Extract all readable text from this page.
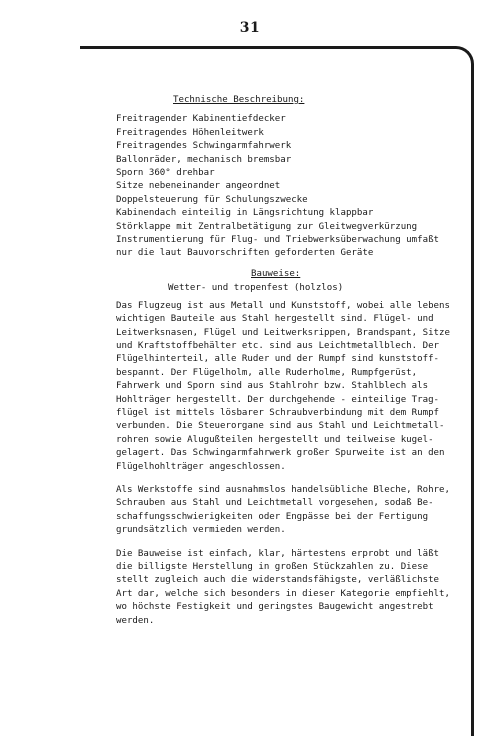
31
Technische Beschreibung:
Freitragender Kabinentiefdecker
Freitragendes Höhenleitwerk
Freitragendes Schwingarmfahrwerk
Ballonräder, mechanisch bremsbar
Sporn 360° drehbar
Sitze nebeneinander angeordnet
Doppelsteuerung für Schulungszwecke
Kabinendach einteilig in Längsrichtung klappbar
Störklappe mit Zentralbetätigung zur Gleitwegverkürzung
Instrumentierung für Flug- und Triebwerksüberwachung umfaßt
nur die laut Bauvorschriften geforderten Geräte
Bauweise:
Wetter- und tropenfest (holzlos)

Das Flugzeug ist aus Metall und Kunststoff, wobei alle lebens
wichtigen Bauteile aus Stahl hergestellt sind. Flügel- und
Leitwerksnasen, Flügel und Leitwerksrippen, Brandspant, Sitze
und Kraftstoffbehälter etc. sind aus Leichtmetallblech. Der
Flügelhinterteil, alle Ruder und der Rumpf sind kunststoff-
bespannt. Der Flügelholm, alle Ruderholme, Rumpfgerüst,
Fahrwerk und Sporn sind aus Stahlrohr bzw. Stahlblech als
Hohlträger hergestellt. Der durchgehende - einteilige Trag-
flügel ist mittels lösbarer Schraubverbindung mit dem Rumpf
verbunden. Die Steuerorgane sind aus Stahl und Leichtmetall-
rohren sowie Alugußteilen hergestellt und teilweise kugel-
gelagert. Das Schwingarmfahrwerk großer Spurweite ist an den
Flügelhohlträger angeschlossen.

Als Werkstoffe sind ausnahmslos handelsübliche Bleche, Rohre,
Schrauben aus Stahl und Leichtmetall vorgesehen, sodaß Be-
schaffungsschwierigkeiten oder Engpässe bei der Fertigung
grundsätzlich vermieden werden.

Die Bauweise ist einfach, klar, härtestens erprobt und läßt
die billigste Herstellung in großen Stückzahlen zu. Diese
stellt zugleich auch die widerstandsfähigste, verläßlichste
Art dar, welche sich besonders in dieser Kategorie empfiehlt,
wo höchste Festigkeit und geringstes Baugewicht angestrebt
werden.
